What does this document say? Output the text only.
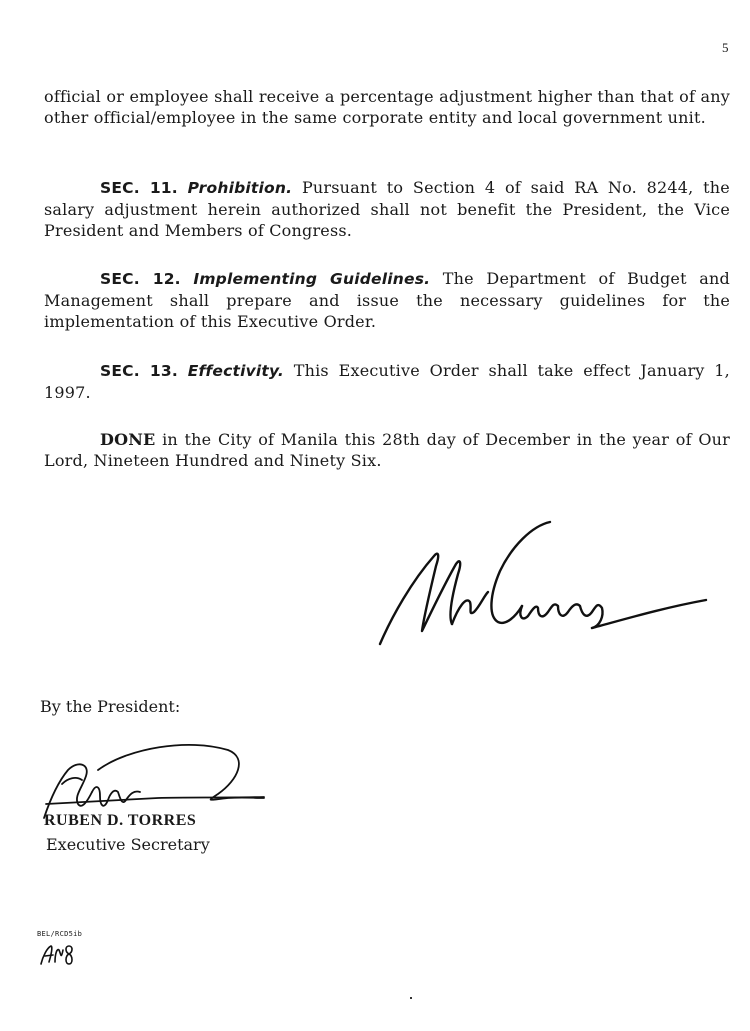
5

official or employee shall receive a percentage adjustment higher than that of any other official/employee in the same corporate entity and local government unit.

SEC. 11. Prohibition. Pursuant to Section 4 of said RA No. 8244, the salary adjustment herein authorized shall not benefit the President, the Vice President and Members of Congress.

SEC. 12. Implementing Guidelines. The Department of Budget and Management shall prepare and issue the necessary guidelines for the implementation of this Executive Order.

SEC. 13. Effectivity. This Executive Order shall take effect January 1, 1997.

DONE in the City of Manila this 28th day of December in the year of Our Lord, Nineteen Hundred and Ninety Six.

By the President:
RUBEN D. TORRES
Executive Secretary
BEL/RCD5ib
